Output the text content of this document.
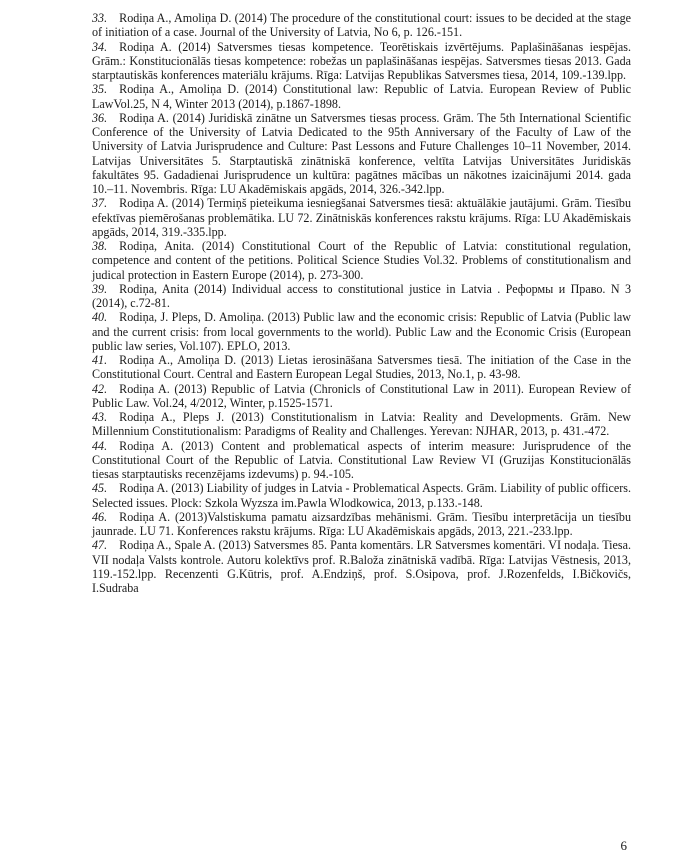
33. Rodiņa A., Amoliņa D. (2014) The procedure of the constitutional court: issues to be decided at the stage of initiation of a case. Journal of the University of Latvia, No 6, p. 126.-151.

34. Rodiņa A. (2014) Satversmes tiesas kompetence. Teorētiskais izvērtējums. Paplašināšanas iespējas. Grām.: Konstitucionālās tiesas kompetence: robežas un paplašināšanas iespējas. Satversmes tiesas 2013. Gada starptautiskās konferences materiālu krājums. Rīga: Latvijas Republikas Satversmes tiesa, 2014, 109.-139.lpp.

35. Rodiņa A., Amoliņa D. (2014) Constitutional law: Republic of Latvia. European Review of Public LawVol.25, N 4, Winter 2013 (2014), p.1867-1898.

36. Rodiņa A. (2014) Juridiskā zinātne un Satversmes tiesas process. Grām. The 5th International Scientific Conference of the University of Latvia Dedicated to the 95th Anniversary of the Faculty of Law of the University of Latvia Jurisprudence and Culture: Past Lessons and Future Challenges 10–11 November, 2014. Latvijas Universitātes 5. Starptautiskā zinātniskā konference, veltīta Latvijas Universitātes Juridiskās fakultātes 95. Gadadienai Jurisprudence un kultūra: pagātnes mācības un nākotnes izaicinājumi 2014. gada 10.–11. Novembris. Rīga: LU Akadēmiskais apgāds, 2014, 326.-342.lpp.

37. Rodiņa A. (2014) Termiņš pieteikuma iesniegšanai Satversmes tiesā: aktuālākie jautājumi. Grām. Tiesību efektīvas piemērošanas problemātika. LU 72. Zinātniskās konferences rakstu krājums. Rīga: LU Akadēmiskais apgāds, 2014, 319.-335.lpp.

38. Rodiņa, Anita. (2014) Constitutional Court of the Republic of Latvia: constitutional regulation, competence and content of the petitions. Political Science Studies Vol.32. Problems of constitutionalism and judical protection in Eastern Europe (2014), p. 273-300.

39. Rodiņa, Anita (2014) Individual access to constitutional justice in Latvia . Реформы и Право. N 3 (2014), c.72-81.

40. Rodiņa, J. Pleps, D. Amoliņa. (2013) Public law and the economic crisis: Republic of Latvia (Public law and the current crisis: from local governments to the world). Public Law and the Economic Crisis (European public law series, Vol.107). EPLO, 2013.

41. Rodiņa A., Amoliņa D. (2013) Lietas ierosināšana Satversmes tiesā. The initiation of the Case in the Constitutional Court. Central and Eastern European Legal Studies, 2013, No.1, p. 43-98.

42. Rodiņa A. (2013) Republic of Latvia (Chronicls of Constitutional Law in 2011). European Review of Public Law. Vol.24, 4/2012, Winter, p.1525-1571.

43. Rodiņa A., Pleps J. (2013) Constitutionalism in Latvia: Reality and Developments. Grām. New Millennium Constitutionalism: Paradigms of Reality and Challenges. Yerevan: NJHAR, 2013, p. 431.-472.

44. Rodiņa A. (2013) Content and problematical aspects of interim measure: Jurisprudence of the Constitutional Court of the Republic of Latvia. Constitutional Law Review VI (Gruzijas Konstitucionālās tiesas starptautisks recenzējams izdevums) p. 94.-105.

45. Rodiņa A. (2013) Liability of judges in Latvia - Problematical Aspects. Grām. Liability of public officers. Selected issues. Plock: Szkola Wyzsza im.Pawla Wlodkowica, 2013, p.133.-148.

46. Rodiņa A. (2013)Valstiskuma pamatu aizsardzības mehānismi. Grām. Tiesību interpretācija un tiesību jaunrade. LU 71. Konferences rakstu krājums. Rīga: LU Akadēmiskais apgāds, 2013, 221.-233.lpp.

47. Rodiņa A., Spale A. (2013) Satversmes 85. Panta komentārs. LR Satversmes komentāri. VI nodaļa. Tiesa. VII nodaļa Valsts kontrole. Autoru kolektīvs prof. R.Baloža zinātniskā vadībā. Rīga: Latvijas Vēstnesis, 2013, 119.-152.lpp. Recenzenti G.Kūtris, prof. A.Endziņš, prof. S.Osipova, prof. J.Rozenfelds, I.Bičkovičs, I.Sudraba

6
